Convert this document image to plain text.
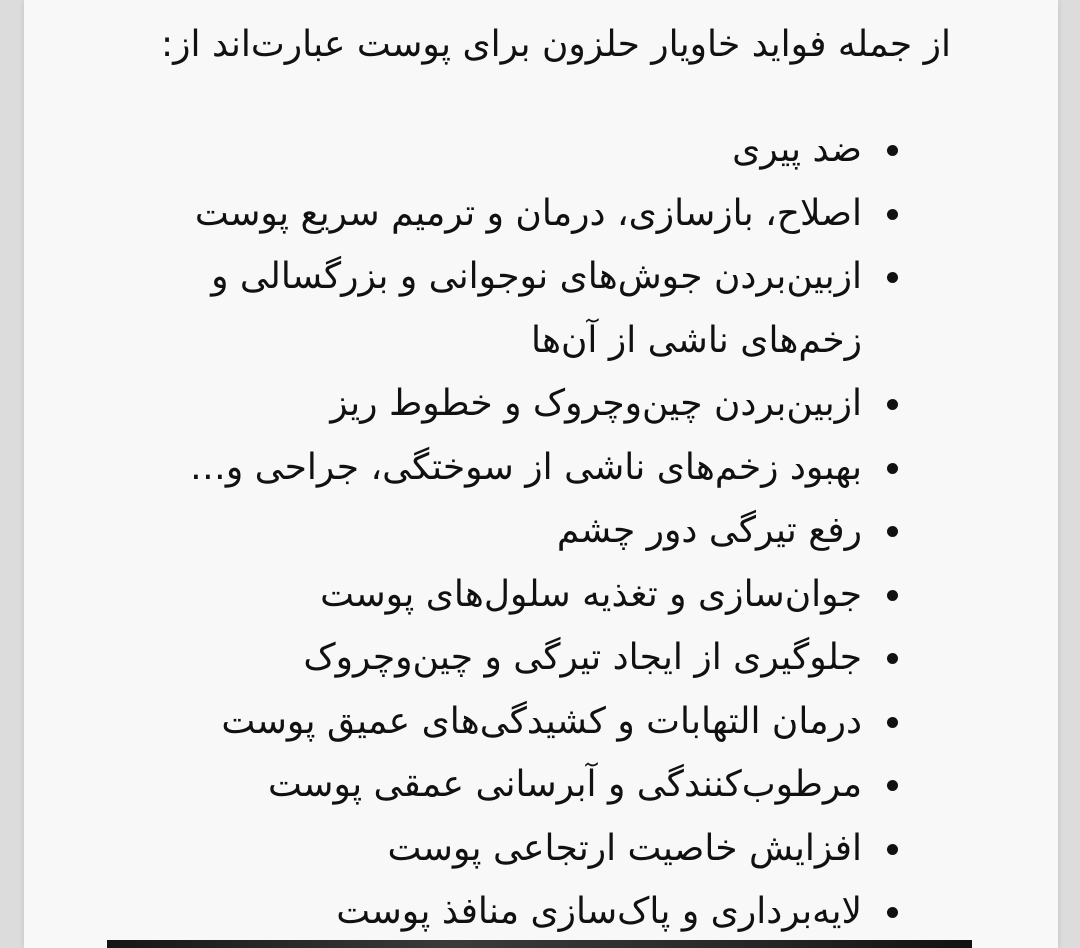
از جمله فواید خاویار حلزون برای پوست عبارت‌اند از:

ضد پیری
اصلاح، بازسازی، درمان و ترمیم سریع پوست
ازبین‌بردن جوش‌های نوجوانی و بزرگسالی و زخم‌های ناشی از آن‌ها
ازبین‌بردن چین‌وچروک و خطوط ریز
بهبود زخم‌های ناشی از سوختگی، جراحی و…
رفع تیرگی دور چشم
جوان‌سازی و تغذیه سلول‌های پوست
جلوگیری از ایجاد تیرگی و چین‌وچروک
درمان التهابات و کشیدگی‌های عمیق پوست
مرطوب‌کنندگی و آبرسانی عمقی پوست
افزایش خاصیت ارتجاعی پوست
لایه‌برداری و پاک‌سازی منافذ پوست
